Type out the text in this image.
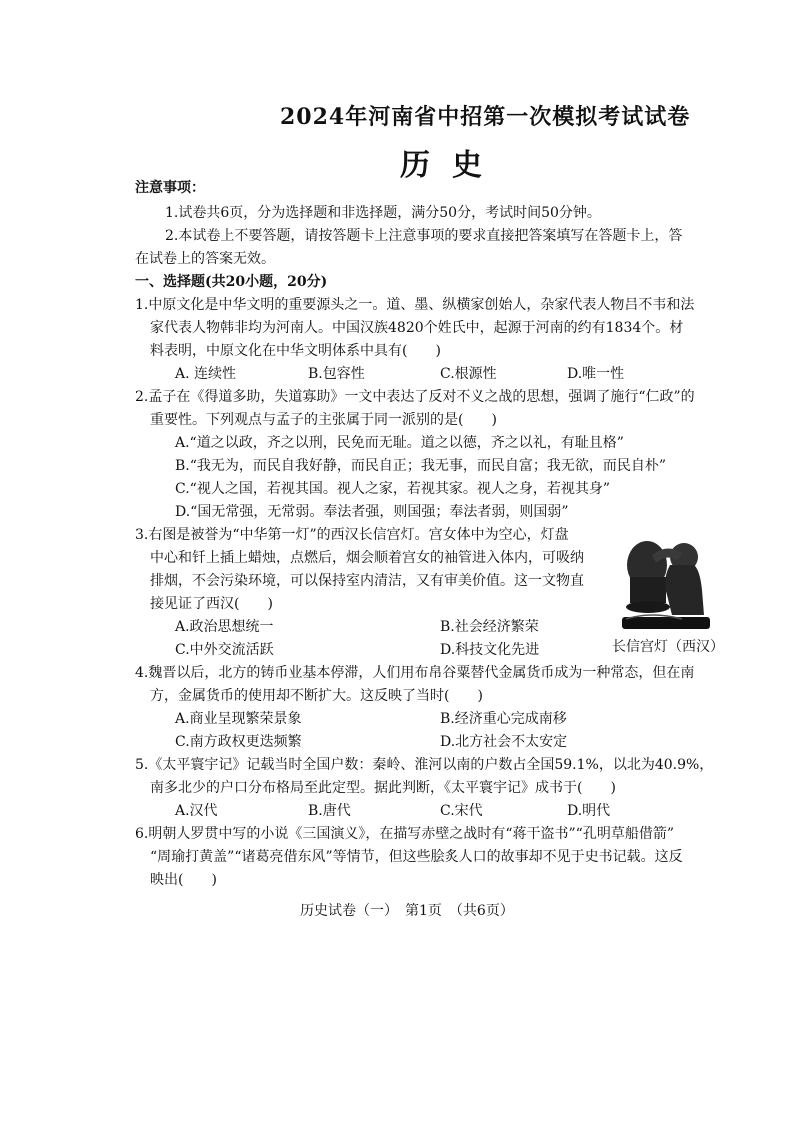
2024年河南省中招第一次模拟考试试卷
历史
注意事项：
1.试卷共6页，分为选择题和非选择题，满分50分，考试时间50分钟。
2.本试卷上不要答题，请按答题卡上注意事项的要求直接把答案填写在答题卡上，答
在试卷上的答案无效。
一、选择题(共20小题，20分)
1.中原文化是中华文明的重要源头之一。道、墨、纵横家创始人，杂家代表人物吕不韦和法
家代表人物韩非均为河南人。中国汉族4820个姓氏中，起源于河南的约有1834个。材
料表明，中原文化在中华文明体系中具有(　　)
A. 连续性	B.包容性	C.根源性	D.唯一性
2.孟子在《得道多助，失道寡助》一文中表达了反对不义之战的思想，强调了施行“仁政”的
重要性。下列观点与孟子的主张属于同一派别的是(　　)
A.“道之以政，齐之以刑，民免而无耻。道之以德，齐之以礼，有耻且格”
B.“我无为，而民自我好静，而民自正；我无事，而民自富；我无欲，而民自朴”
C.“视人之国，若视其国。视人之家，若视其家。视人之身，若视其身”
D.“国无常强，无常弱。奉法者强，则国强；奉法者弱，则国弱”
3.右图是被誉为“中华第一灯”的西汉长信宫灯。宫女体中为空心，灯盘
中心和钎上插上蜡烛，点燃后，烟会顺着宫女的袖管进入体内，可吸纳
排烟，不会污染环境，可以保持室内清洁，又有审美价值。这一文物直
接见证了西汉(　　)
A.政治思想统一	B.社会经济繁荣
C.中外交流活跃	D.科技文化先进	长信宫灯（西汉）
4.魏晋以后，北方的铸币业基本停滞，人们用布帛谷粟替代金属货币成为一种常态，但在南
方，金属货币的使用却不断扩大。这反映了当时(　　)
A.商业呈现繁荣景象	B.经济重心完成南移
C.南方政权更迭频繁	D.北方社会不太安定
5.《太平寰宇记》记载当时全国户数：秦岭、淮河以南的户数占全国59.1%，以北为40.9%，
南多北少的户口分布格局至此定型。据此判断，《太平寰宇记》成书于(　　)
A.汉代	B.唐代	C.宋代	D.明代
6.明朝人罗贯中写的小说《三国演义》，在描写赤壁之战时有“蒋干盗书”“孔明草船借箭”
“周瑜打黄盖”“诸葛亮借东风”等情节，但这些脍炙人口的故事却不见于史书记载。这反
映出(　　)
历史试卷（一）　第1页　（共6页）
